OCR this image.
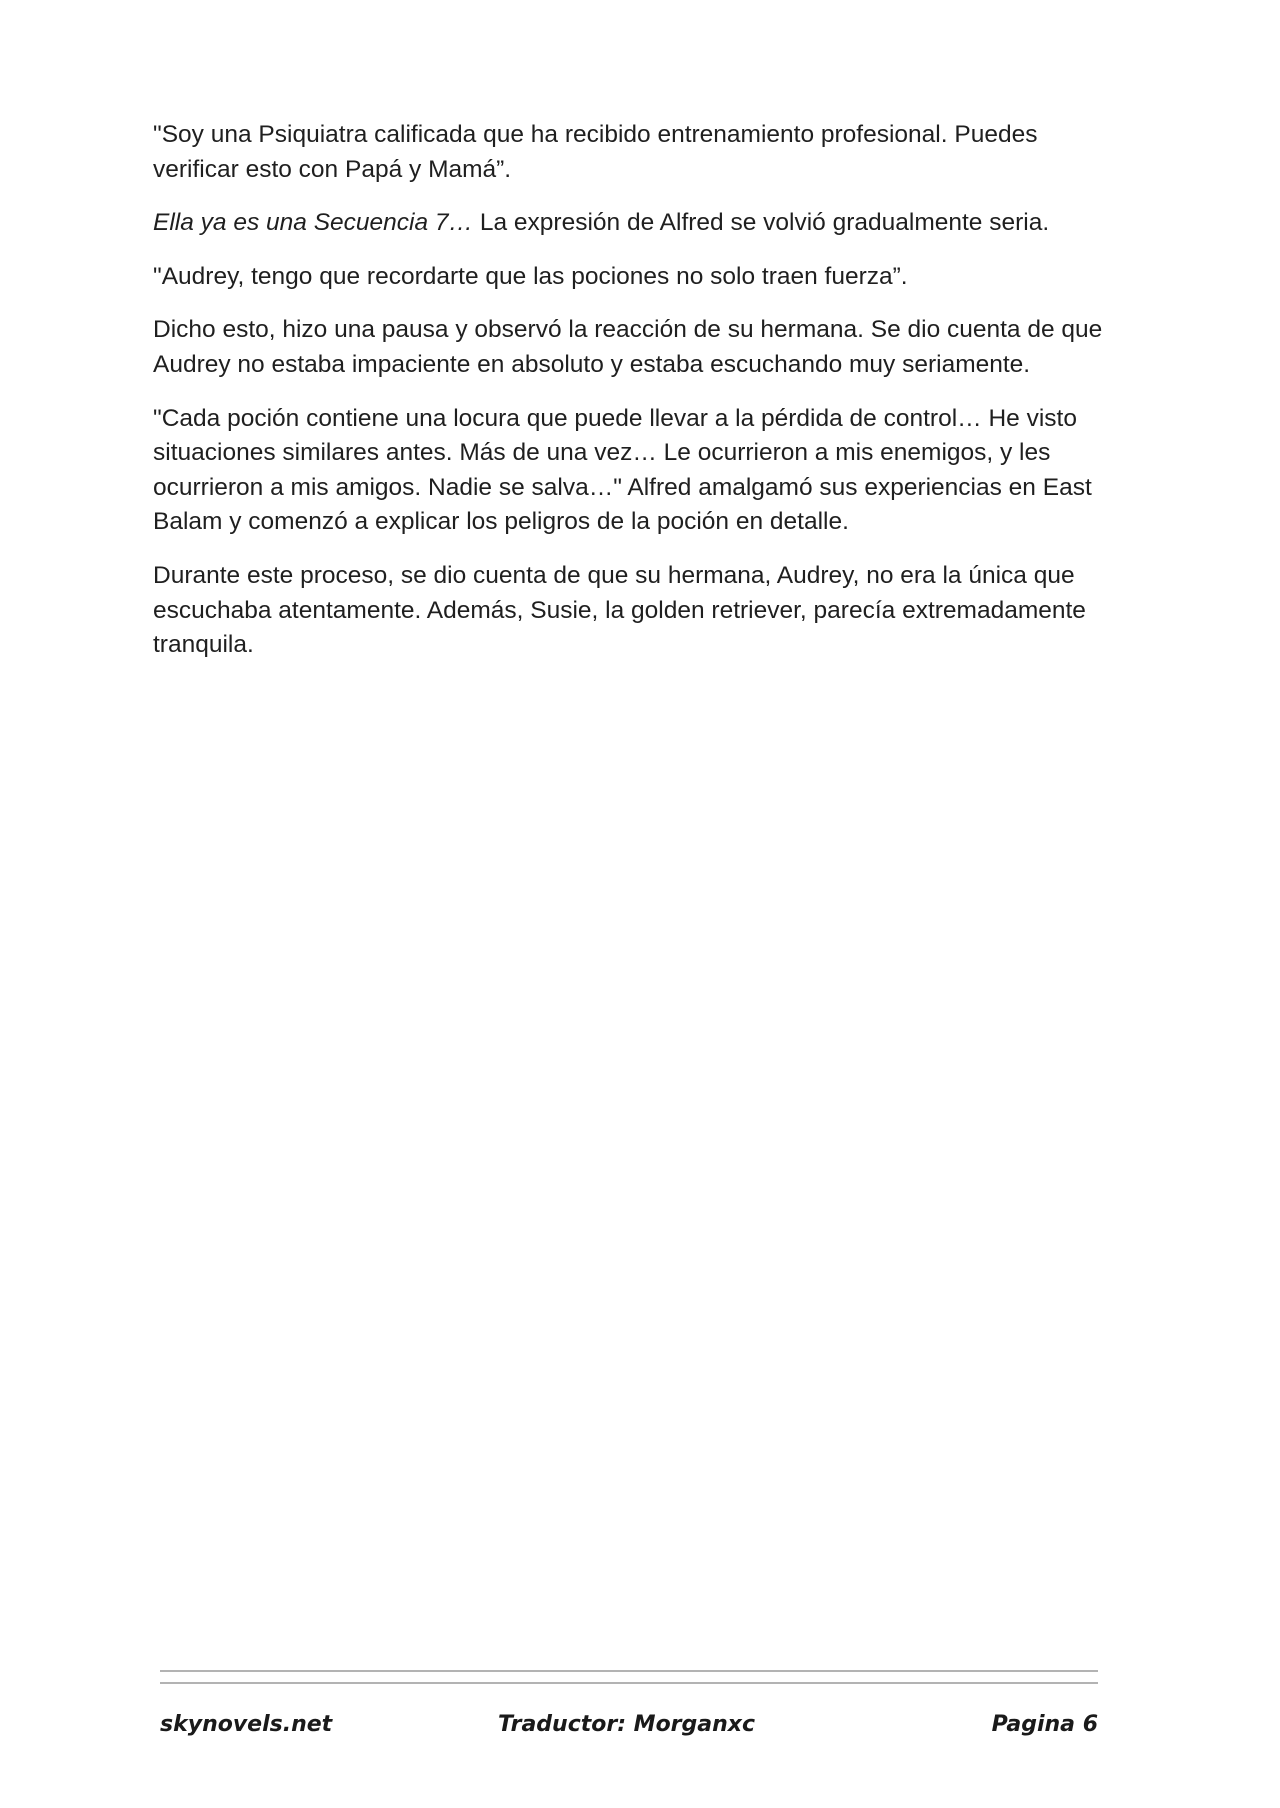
"Soy una Psiquiatra calificada que ha recibido entrenamiento profesional. Puedes verificar esto con Papá y Mamá”.

Ella ya es una Secuencia 7… La expresión de Alfred se volvió gradualmente seria.

"Audrey, tengo que recordarte que las pociones no solo traen fuerza”.

Dicho esto, hizo una pausa y observó la reacción de su hermana. Se dio cuenta de que Audrey no estaba impaciente en absoluto y estaba escuchando muy seriamente.

"Cada poción contiene una locura que puede llevar a la pérdida de control… He visto situaciones similares antes. Más de una vez… Le ocurrieron a mis enemigos, y les ocurrieron a mis amigos. Nadie se salva…" Alfred amalgamó sus experiencias en East Balam y comenzó a explicar los peligros de la poción en detalle.

Durante este proceso, se dio cuenta de que su hermana, Audrey, no era la única que escuchaba atentamente. Además, Susie, la golden retriever, parecía extremadamente tranquila.

skynovels.net	Traductor: Morganxc	Pagina 6
